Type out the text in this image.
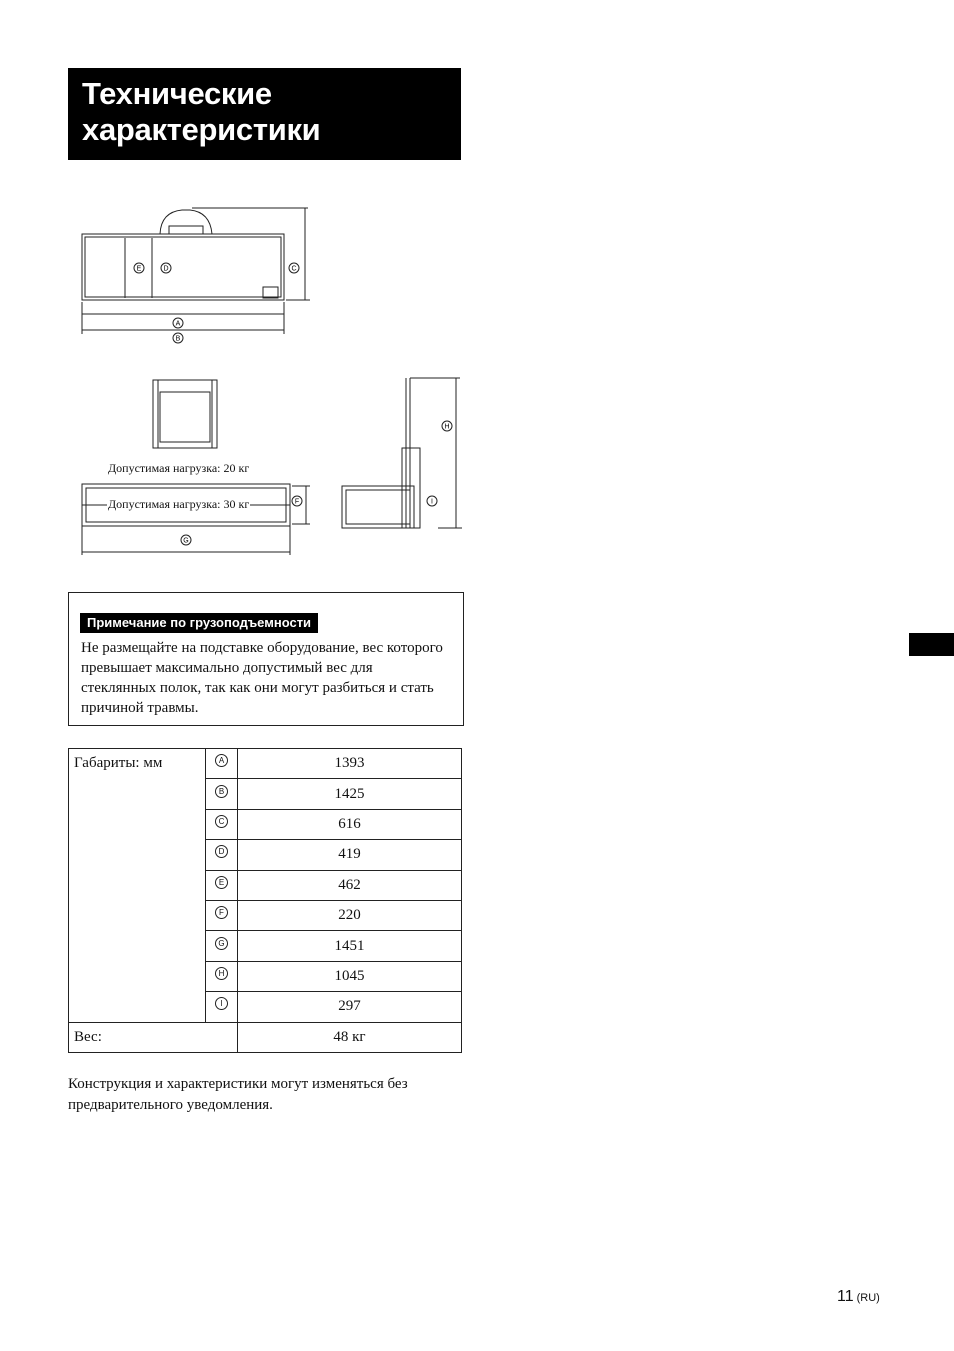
Технические
характеристики
E	D	C
A
B
F
G
H
I
Допустимая нагрузка: 20 кг
Допустимая нагрузка: 30 кг
Примечание по грузоподъемности

Не размещайте на подставке оборудование, вес которого превышает максимально допустимый вес для стеклянных полок, так как они могут разбиться и стать причиной травмы.

Габариты: мм	A	1393
	B	1425
	C	616
	D	419
	E	462
	F	220
	G	1451
	H	1045
	I	297
Вес:		48 кг

Конструкция и характеристики могут изменяться без предварительного уведомления.

11 (RU)
